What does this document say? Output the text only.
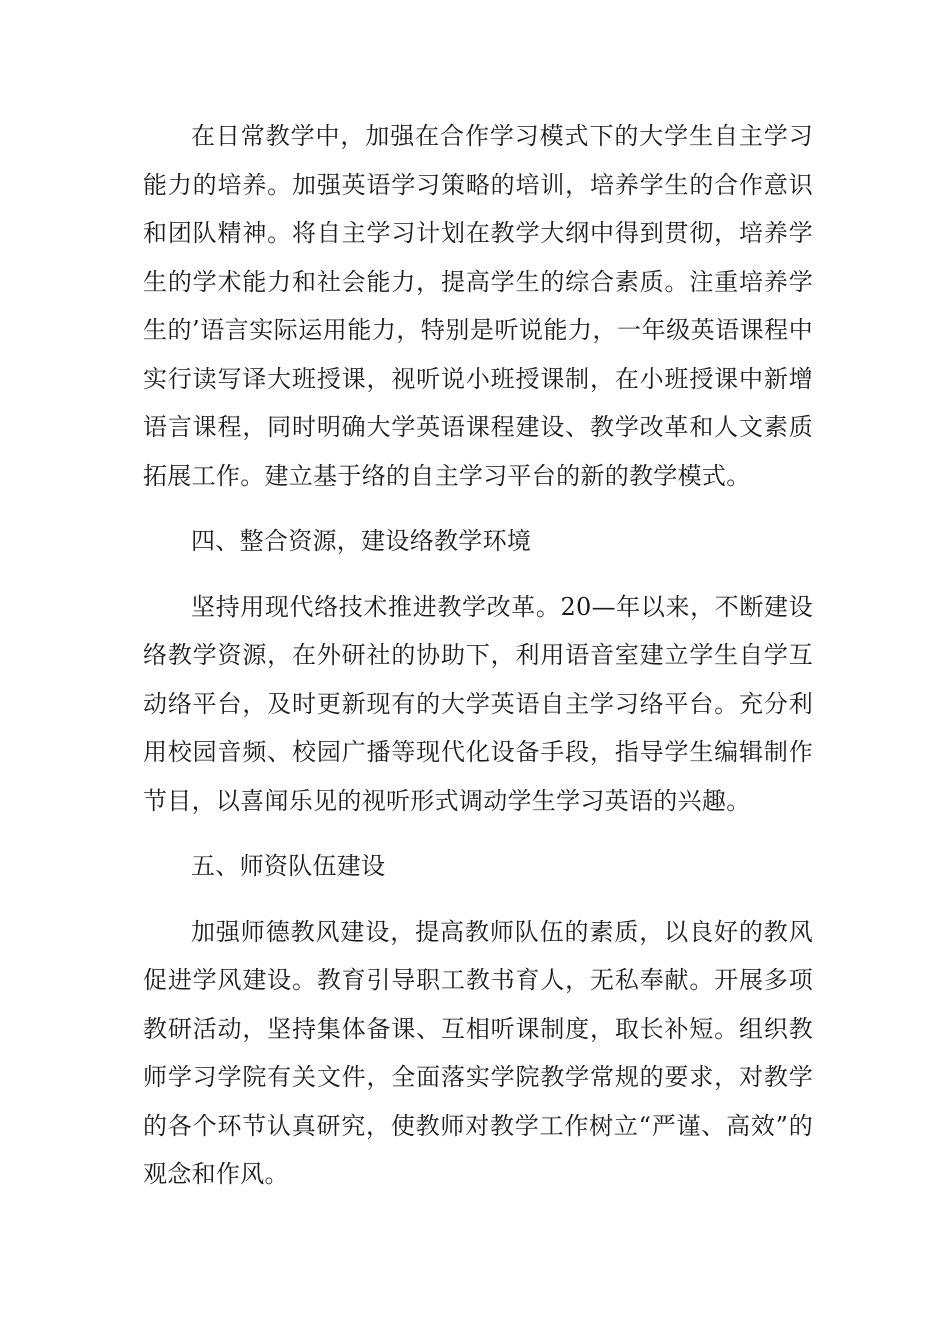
在日常教学中，加强在合作学习模式下的大学生自主学习能力的培养。加强英语学习策略的培训，培养学生的合作意识和团队精神。将自主学习计划在教学大纲中得到贯彻，培养学生的学术能力和社会能力，提高学生的综合素质。注重培养学生的’语言实际运用能力，特别是听说能力，一年级英语课程中实行读写译大班授课，视听说小班授课制，在小班授课中新增语言课程，同时明确大学英语课程建设、教学改革和人文素质拓展工作。建立基于络的自主学习平台的新的教学模式。

四、整合资源，建设络教学环境

坚持用现代络技术推进教学改革。20—年以来，不断建设络教学资源，在外研社的协助下，利用语音室建立学生自学互动络平台，及时更新现有的大学英语自主学习络平台。充分利用校园音频、校园广播等现代化设备手段，指导学生编辑制作节目，以喜闻乐见的视听形式调动学生学习英语的兴趣。

五、师资队伍建设

加强师德教风建设，提高教师队伍的素质，以良好的教风促进学风建设。教育引导职工教书育人，无私奉献。开展多项教研活动，坚持集体备课、互相听课制度，取长补短。组织教师学习学院有关文件，全面落实学院教学常规的要求，对教学的各个环节认真研究，使教师对教学工作树立“严谨、高效”的观念和作风。
